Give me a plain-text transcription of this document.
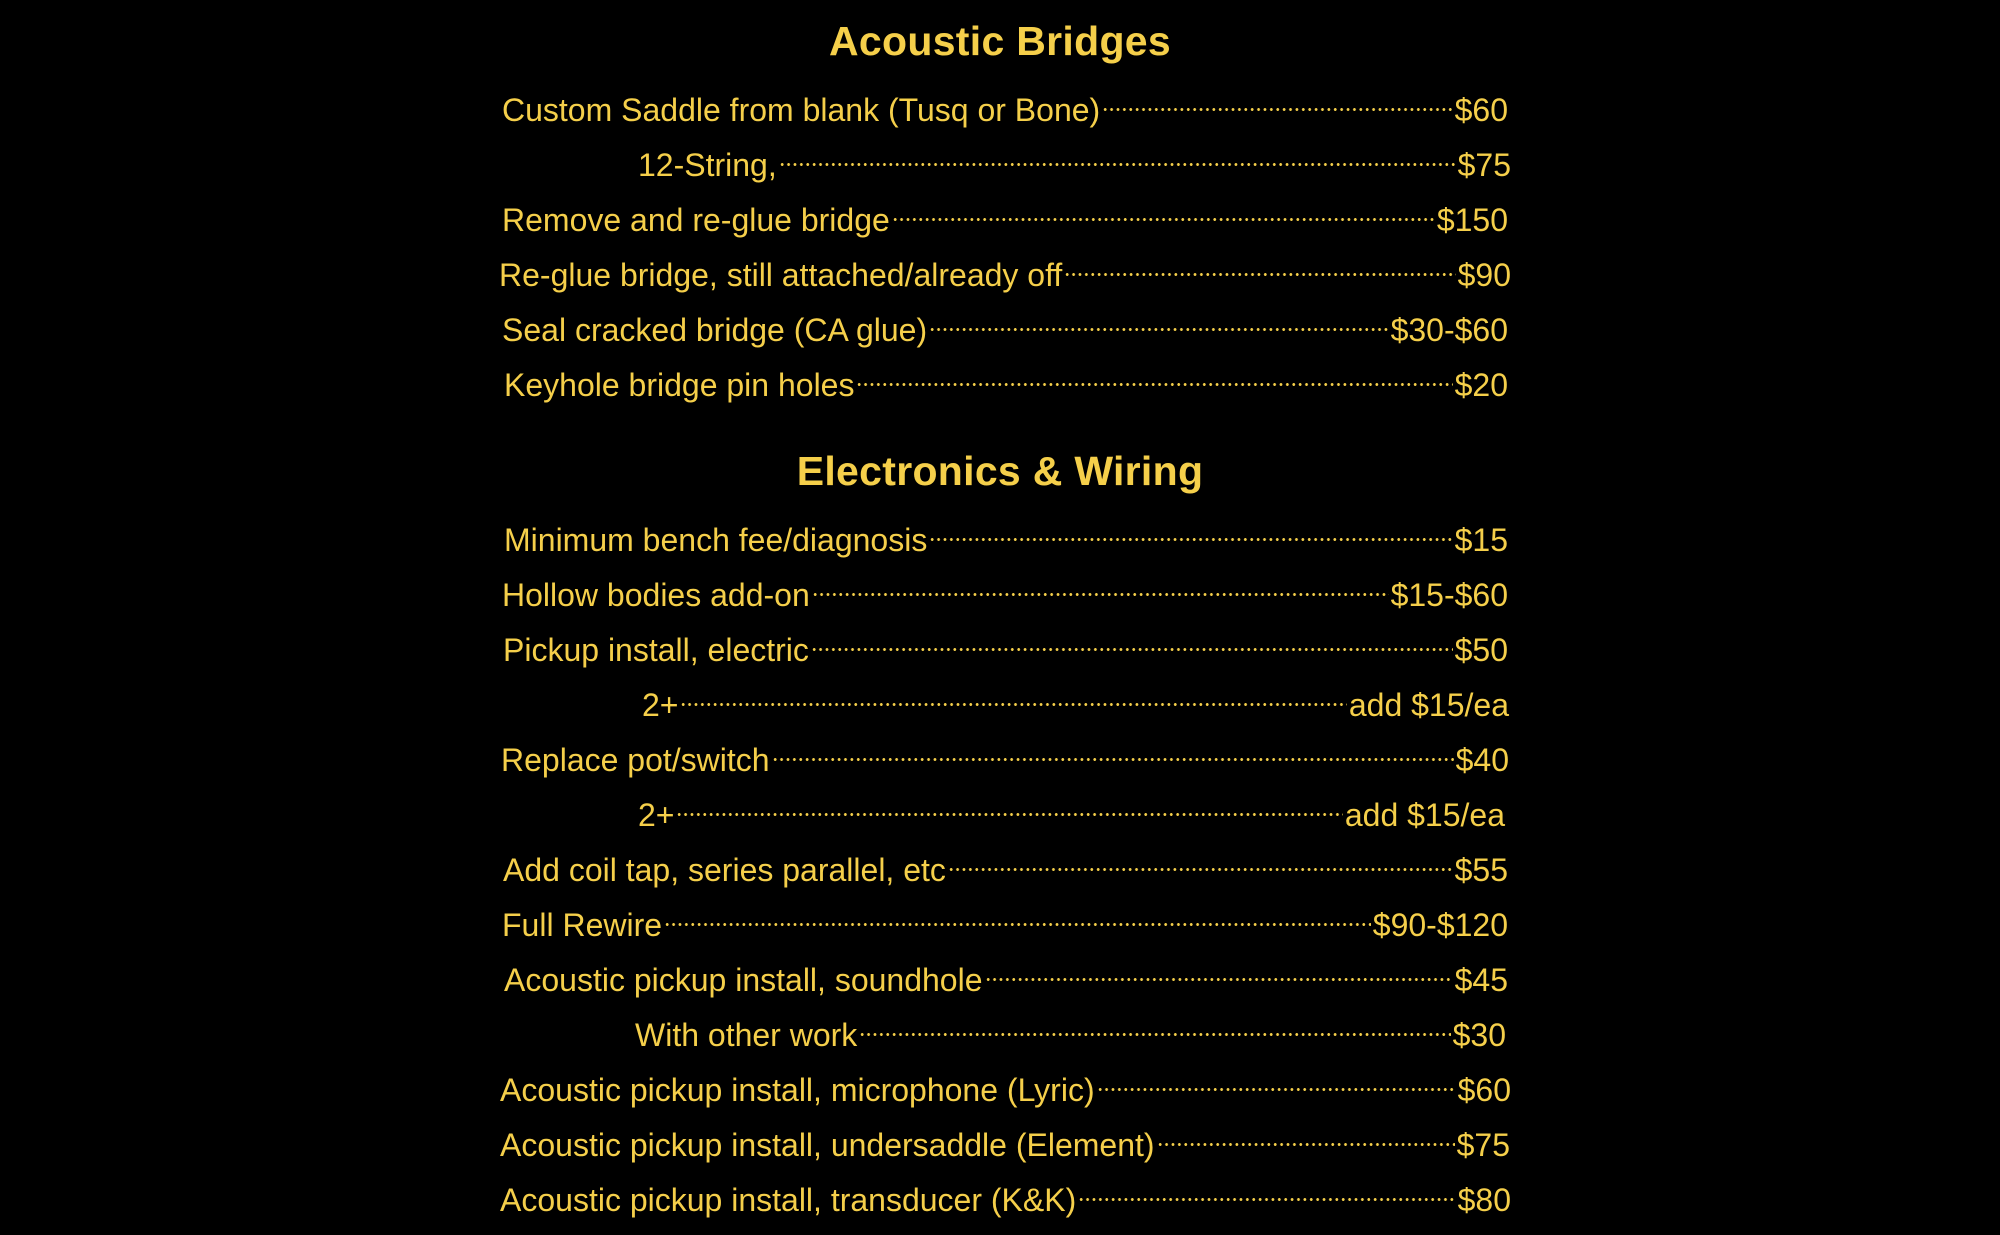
Acoustic Bridges
Custom Saddle from blank (Tusq or Bone)	$60
12-String,	$75
Remove and re-glue bridge	$150
Re-glue bridge, still attached/already off	$90
Seal cracked bridge (CA glue)	$30-$60
Keyhole bridge pin holes	$20
Electronics & Wiring
Minimum bench fee/diagnosis	$15
Hollow bodies add-on	$15-$60
Pickup install, electric	$50
2+	add $15/ea
Replace pot/switch	$40
2+	add $15/ea
Add coil tap, series parallel, etc	$55
Full Rewire	$90-$120
Acoustic pickup install, soundhole	$45
With other work	$30
Acoustic pickup install, microphone (Lyric)	$60
Acoustic pickup install, undersaddle (Element)	$75
Acoustic pickup install, transducer (K&K)	$80
